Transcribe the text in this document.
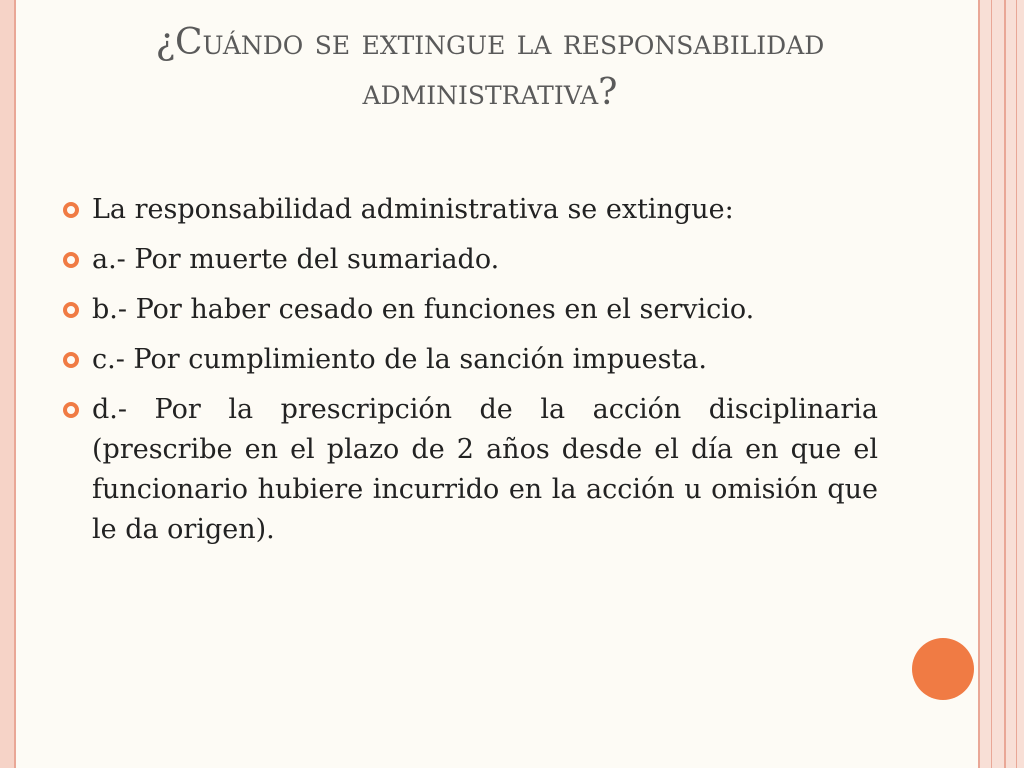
¿Cuándo se extingue la responsabilidad administrativa?
La responsabilidad administrativa se extingue:
a.- Por muerte del sumariado.
b.- Por haber cesado en funciones en el servicio.
c.- Por cumplimiento de la sanción impuesta.
d.- Por la prescripción de la acción disciplinaria (prescribe en el plazo de 2 años desde el día en que el funcionario hubiere incurrido en la acción u omisión que le da origen).
